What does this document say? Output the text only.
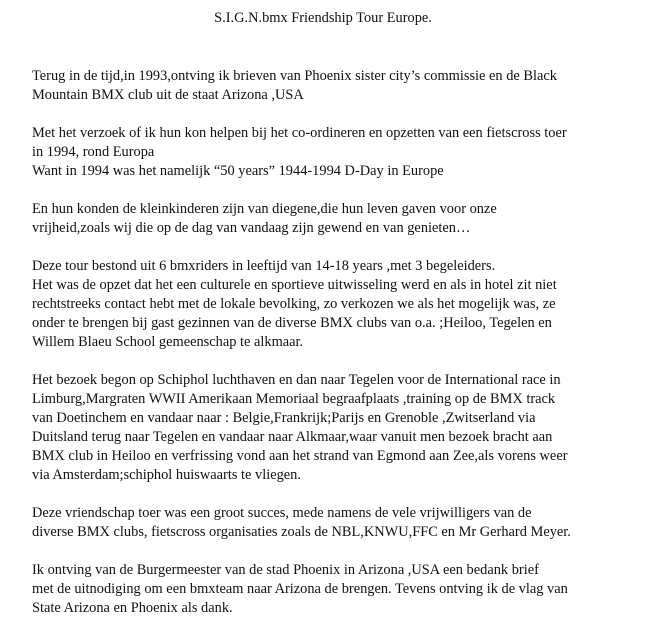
S.I.G.N.bmx Friendship Tour Europe.

Terug in de tijd,in 1993,ontving ik brieven van Phoenix sister city’s commissie en de Black
Mountain BMX club uit de staat Arizona ,USA

Met het verzoek of ik hun kon helpen bij het co-ordineren en opzetten van een fietscross toer
in 1994, rond Europa
Want in 1994 was het namelijk “50 years” 1944-1994 D-Day in Europe

En hun konden de kleinkinderen zijn van diegene,die hun leven gaven voor onze
vrijheid,zoals wij die op de dag van vandaag zijn gewend en van genieten…

Deze tour bestond uit 6 bmxriders in leeftijd van 14-18 years ,met 3 begeleiders.
Het was de opzet dat het een culturele en sportieve uitwisseling werd en als in hotel zit niet
rechtstreeks contact hebt met de lokale bevolking, zo verkozen we als het mogelijk was, ze
onder te brengen bij gast gezinnen van de diverse BMX clubs van o.a. ;Heiloo, Tegelen en
Willem Blaeu School gemeenschap te alkmaar.

Het bezoek begon op Schiphol luchthaven en dan naar Tegelen voor de International race in
Limburg,Margraten WWII Amerikaan Memoriaal begraafplaats ,training op de BMX track
van Doetinchem en vandaar naar : Belgie,Frankrijk;Parijs en Grenoble ,Zwitserland via
Duitsland terug naar Tegelen en vandaar naar Alkmaar,waar vanuit men bezoek bracht aan
BMX club in Heiloo en verfrissing vond aan het strand van Egmond aan Zee,als vorens weer
via Amsterdam;schiphol huiswaarts te vliegen.

Deze vriendschap toer was een groot succes, mede namens de vele vrijwilligers van de
diverse BMX clubs, fietscross organisaties zoals de NBL,KNWU,FFC en Mr Gerhard Meyer.

Ik ontving van de Burgermeester van de stad Phoenix in Arizona ,USA een bedank brief
met de uitnodiging om een bmxteam naar Arizona de brengen. Tevens ontving ik de vlag van
State Arizona en Phoenix als dank.
